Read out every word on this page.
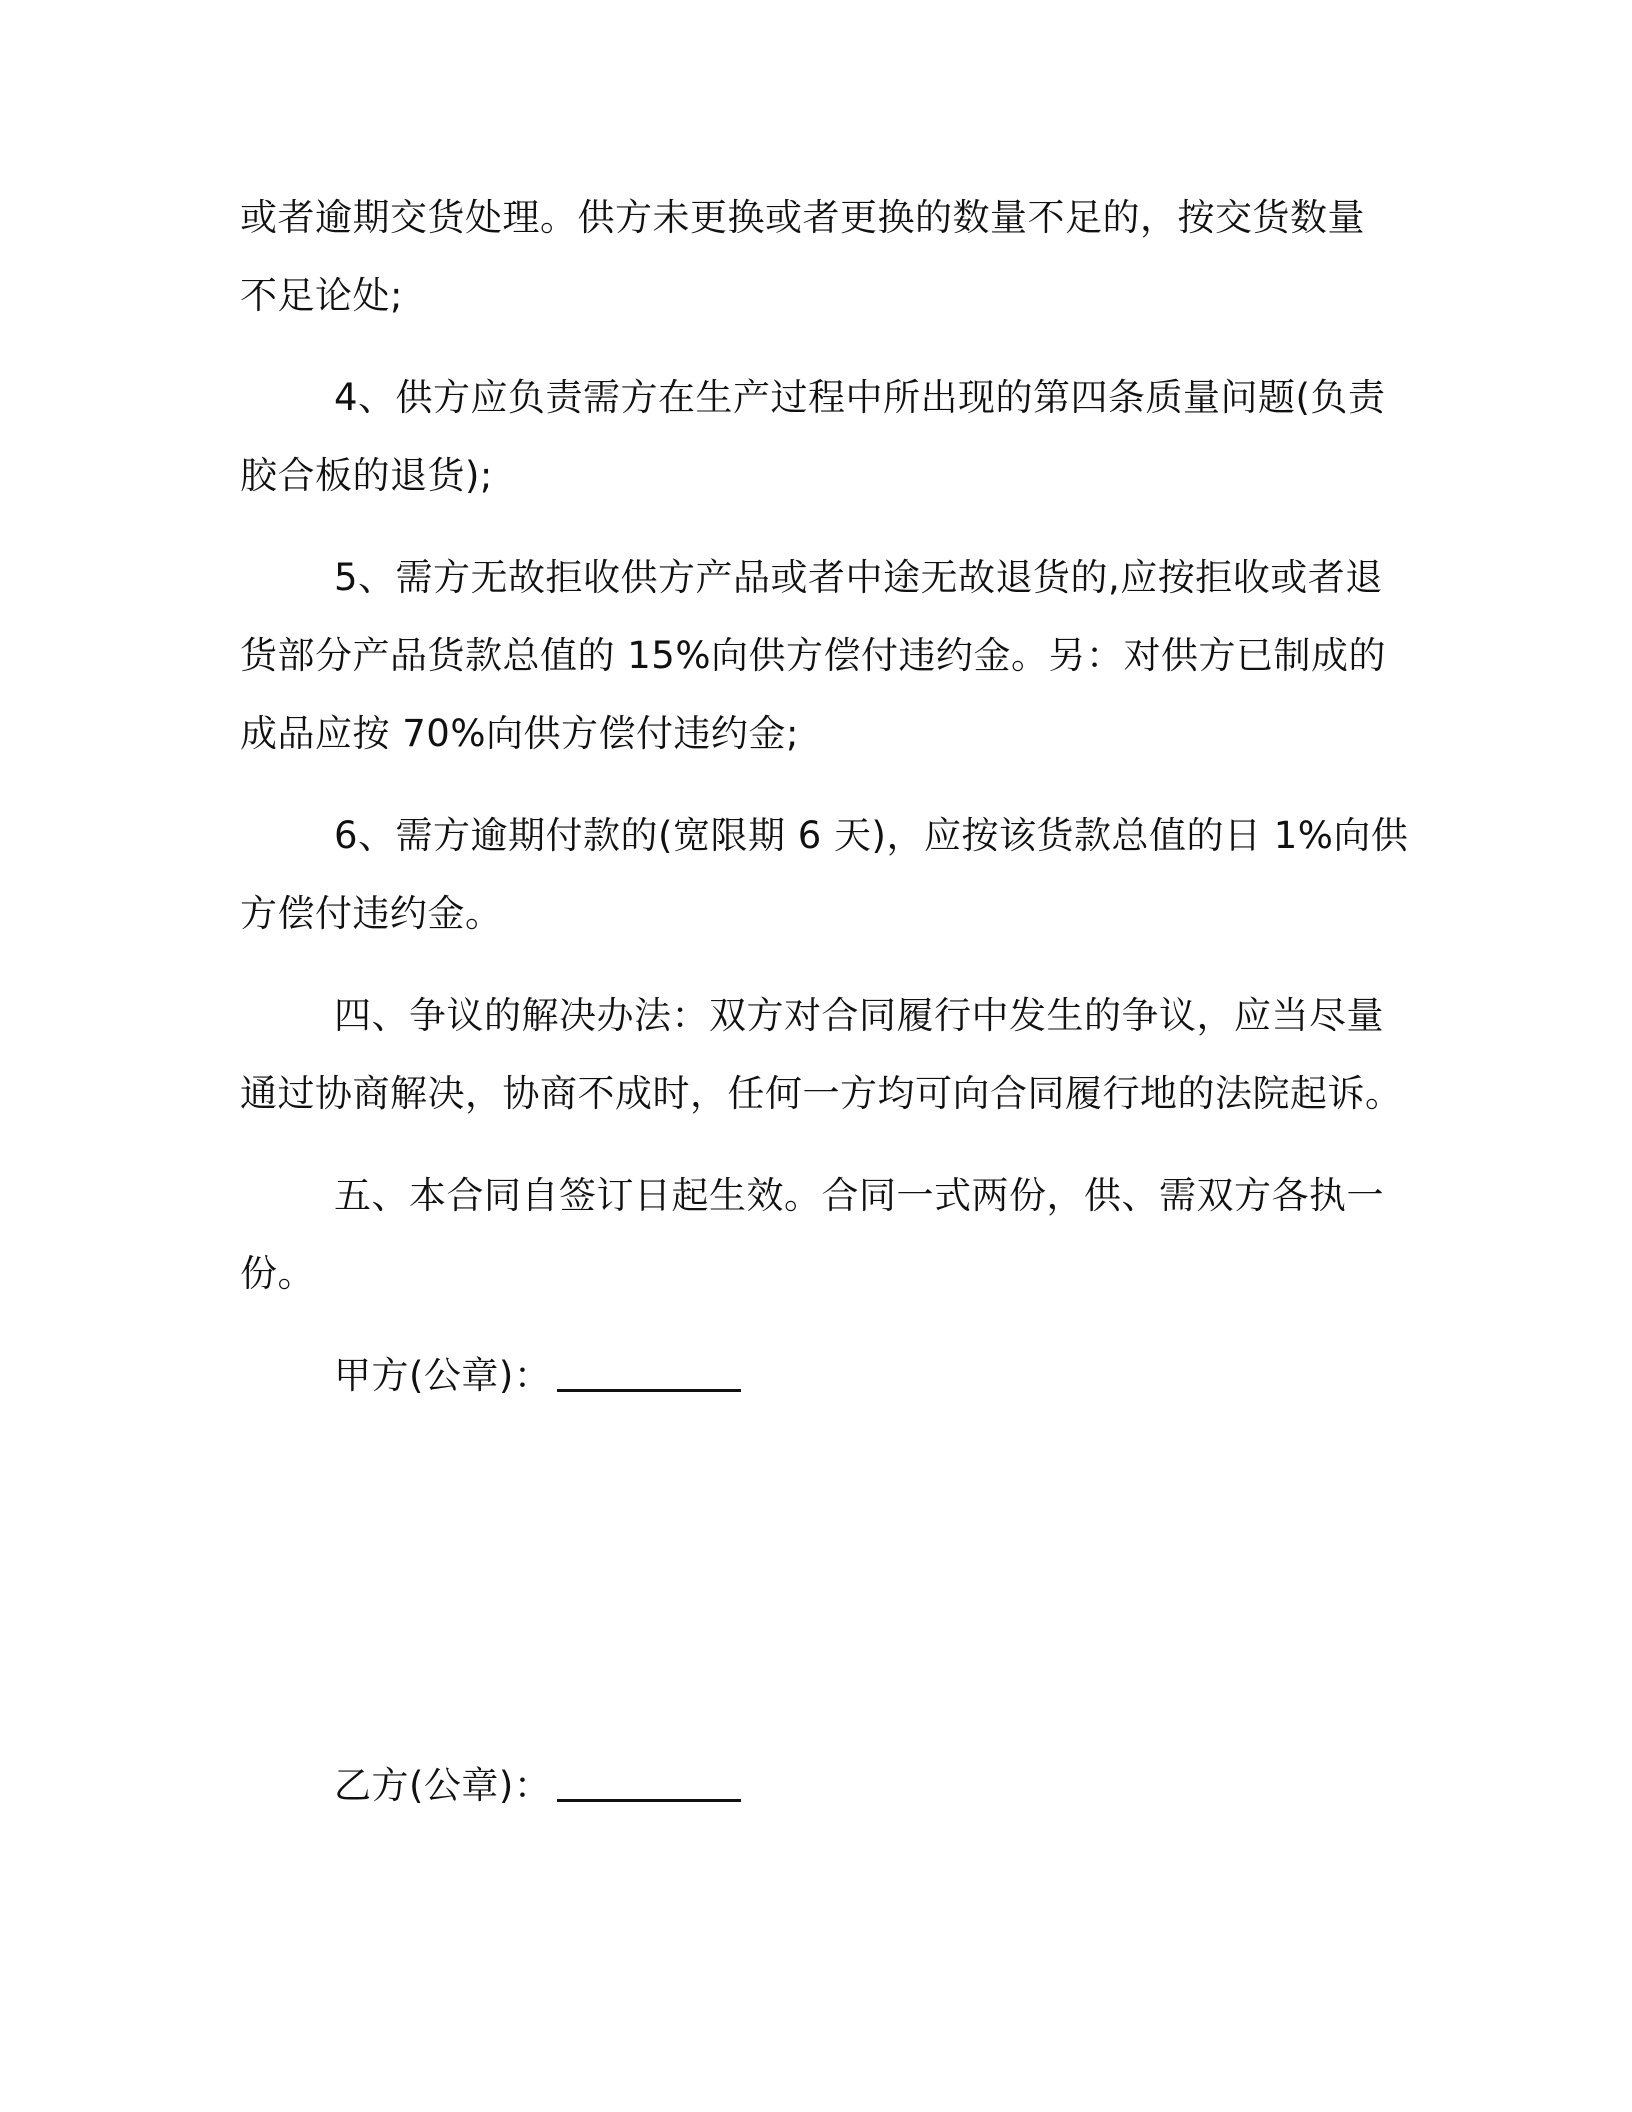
或者逾期交货处理。供方未更换或者更换的数量不足的，按交货数量
不足论处;
4、供方应负责需方在生产过程中所出现的第四条质量问题(负责
胶合板的退货);
5、需方无故拒收供方产品或者中途无故退货的,应按拒收或者退
货部分产品货款总值的 15%向供方偿付违约金。另：对供方已制成的
成品应按 70%向供方偿付违约金;
6、需方逾期付款的(宽限期 6 天)，应按该货款总值的日 1%向供
方偿付违约金。
四、争议的解决办法：双方对合同履行中发生的争议，应当尽量
通过协商解决，协商不成时，任何一方均可向合同履行地的法院起诉。
五、本合同自签订日起生效。合同一式两份，供、需双方各执一
份。
甲方(公章)：
乙方(公章)：
